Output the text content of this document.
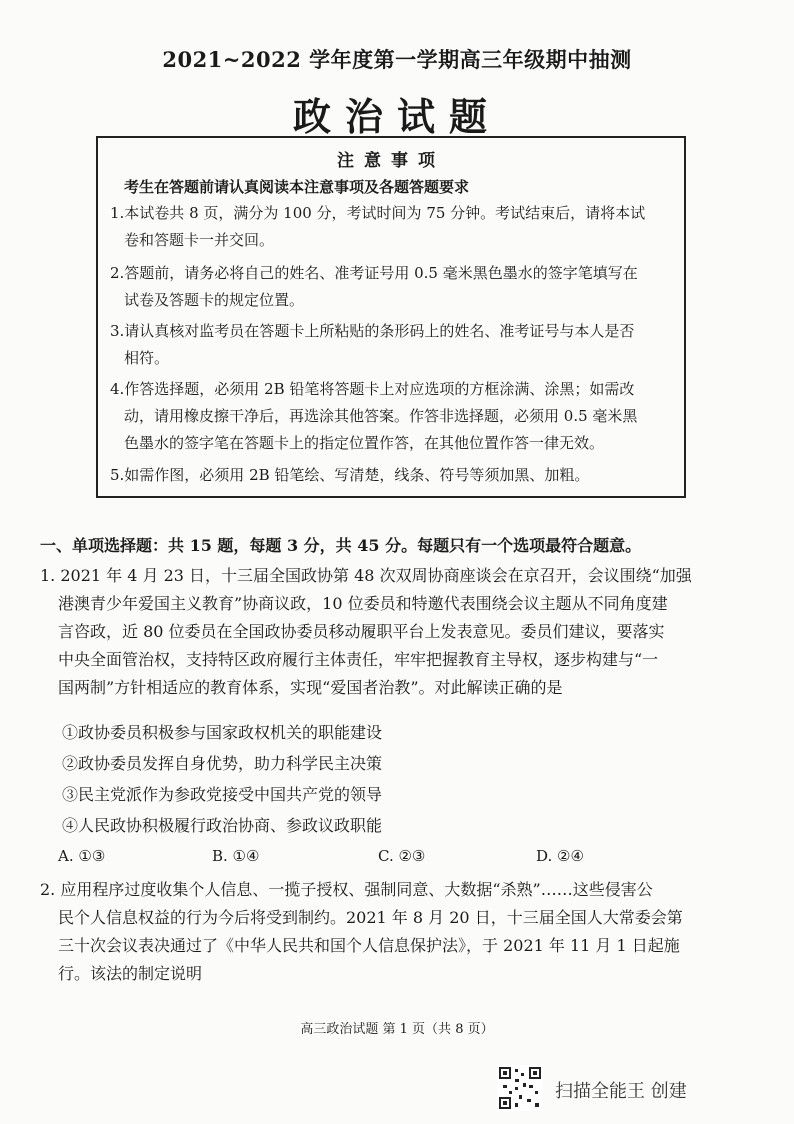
2021~2022 学年度第一学期高三年级期中抽测
政治试题
注意事项
考生在答题前请认真阅读本注意事项及各题答题要求
1.本试卷共 8 页，满分为 100 分，考试时间为 75 分钟。考试结束后，请将本试
卷和答题卡一并交回。
2.答题前，请务必将自己的姓名、准考证号用 0.5 毫米黑色墨水的签字笔填写在
试卷及答题卡的规定位置。
3.请认真核对监考员在答题卡上所粘贴的条形码上的姓名、准考证号与本人是否
相符。
4.作答选择题，必须用 2B 铅笔将答题卡上对应选项的方框涂满、涂黑；如需改
动，请用橡皮擦干净后，再选涂其他答案。作答非选择题，必须用 0.5 毫米黑
色墨水的签字笔在答题卡上的指定位置作答，在其他位置作答一律无效。
5.如需作图，必须用 2B 铅笔绘、写清楚，线条、符号等须加黑、加粗。
一、单项选择题：共 15 题，每题 3 分，共 45 分。每题只有一个选项最符合题意。
1. 2021 年 4 月 23 日，十三届全国政协第 48 次双周协商座谈会在京召开，会议围绕“加强
港澳青少年爱国主义教育”协商议政，10 位委员和特邀代表围绕会议主题从不同角度建
言咨政，近 80 位委员在全国政协委员移动履职平台上发表意见。委员们建议，要落实
中央全面管治权，支持特区政府履行主体责任，牢牢把握教育主导权，逐步构建与“一
国两制”方针相适应的教育体系，实现“爱国者治教”。对此解读正确的是
①政协委员积极参与国家政权机关的职能建设
②政协委员发挥自身优势，助力科学民主决策
③民主党派作为参政党接受中国共产党的领导
④人民政协积极履行政治协商、参政议政职能
A. ①③	B. ①④	C. ②③	D. ②④
2. 应用程序过度收集个人信息、一揽子授权、强制同意、大数据“杀熟”……这些侵害公
民个人信息权益的行为今后将受到制约。2021 年 8 月 20 日，十三届全国人大常委会第
三十次会议表决通过了《中华人民共和国个人信息保护法》，于 2021 年 11 月 1 日起施
行。该法的制定说明
高三政治试题 第 1 页（共 8 页）
扫描全能王 创建
